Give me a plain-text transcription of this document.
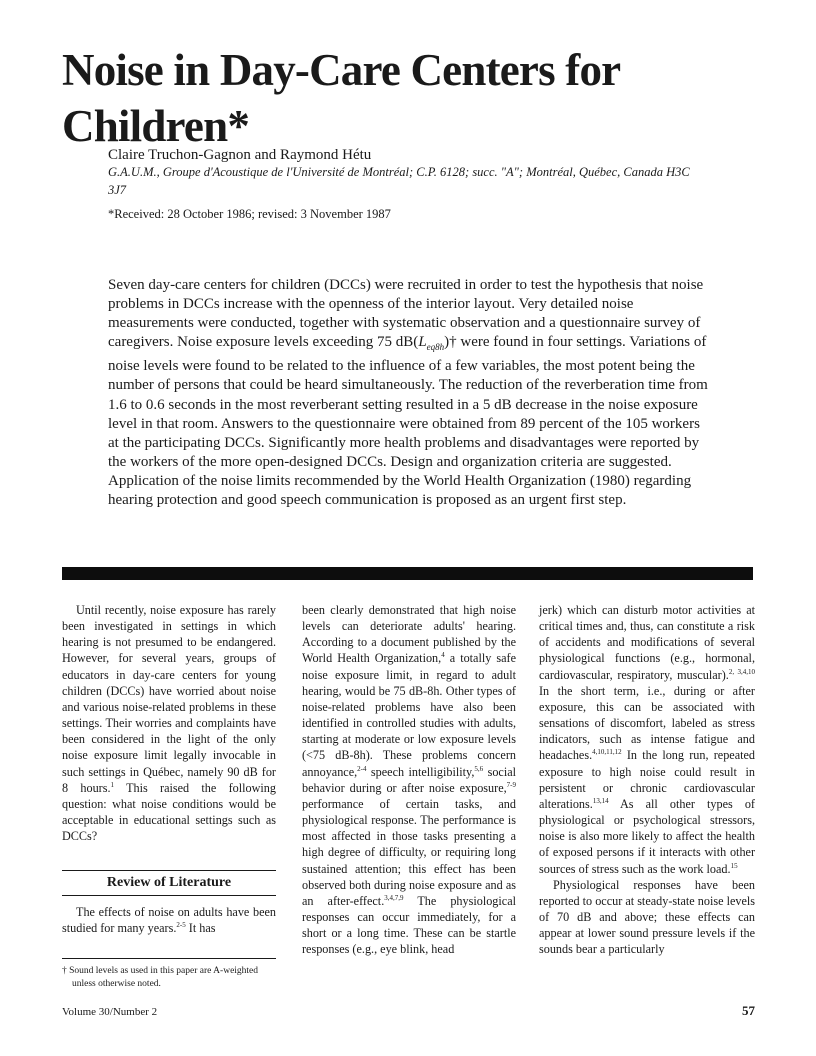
Noise in Day-Care Centers for Children*
Claire Truchon-Gagnon and Raymond Hétu
G.A.U.M., Groupe d'Acoustique de l'Université de Montréal; C.P. 6128; succ. "A"; Montréal, Québec, Canada H3C 3J7
*Received: 28 October 1986; revised: 3 November 1987

Seven day-care centers for children (DCCs) were recruited in order to test the hypothesis that noise problems in DCCs increase with the openness of the interior layout. Very detailed noise measurements were conducted, together with systematic observation and a questionnaire survey of caregivers. Noise exposure levels exceeding 75 $dB(L_{eq8h})\dagger$ were found in four settings. Variations of noise levels were found to be related to the influence of a few variables, the most potent being the number of persons that could be heard simultaneously. The reduction of the reverberation time from 1.6 to 0.6 seconds in the most reverberant setting resulted in a 5 dB decrease in the noise exposure level in that room. Answers to the questionnaire were obtained from 89 percent of the 105 workers at the participating DCCs. Significantly more health problems and disadvantages were reported by the workers of the more open-designed DCCs. Design and organization criteria are suggested. Application of the noise limits recommended by the World Health Organization (1980) regarding hearing protection and good speech communication is proposed as an urgent first step.

Until recently, noise exposure has rarely been investigated in settings in which hearing is not presumed to be endangered. However, for several years, groups of educators in day-care centers for young children (DCCs) have worried about noise and various noise-related problems in these settings. Their worries and complaints have been considered in the light of the only noise exposure limit legally invocable in such settings in Québec, namely 90 dB for 8 hours.$^1$ This raised the following question: what noise conditions would be acceptable in educational settings such as DCCs?

Review of Literature

The effects of noise on adults have been studied for many years.$^{2-5}$ It has

been clearly demonstrated that high noise levels can deteriorate adults' hearing. According to a document published by the World Health Organization,$^4$ a totally safe noise exposure limit, in regard to adult hearing, would be 75 dB-8h. Other types of noise-related problems have also been identified in controlled studies with adults, starting at moderate or low exposure levels (<75 dB-8h). These problems concern annoyance,$^{2-4}$ speech intelligibility,$^{5,6}$ social behavior during or after noise exposure,$^{7-9}$ performance of certain tasks, and physiological response. The performance is most affected in those tasks presenting a high degree of difficulty, or requiring long sustained attention; this effect has been observed both during noise exposure and as an after-effect.$^{3,4,7,9}$ The physiological responses can occur immediately, for a short or a long time. These can be startle responses (e.g., eye blink, head

jerk) which can disturb motor activities at critical times and, thus, can constitute a risk of accidents and modifications of several physiological functions (e.g., hormonal, cardiovascular, respiratory, muscular).$^{2, 3,4,10}$ In the short term, i.e., during or after exposure, this can be associated with sensations of discomfort, labeled as stress indicators, such as intense fatigue and headaches.$^{4,10,11,12}$ In the long run, repeated exposure to high noise could result in persistent or chronic cardiovascular alterations.$^{13,14}$ As all other types of physiological or psychological stressors, noise is also more likely to affect the health of exposed persons if it interacts with other sources of stress such as the work load.$^{15}$

Physiological responses have been reported to occur at steady-state noise levels of 70 dB and above; these effects can appear at lower sound pressure levels if the sounds bear a particularly

† Sound levels as used in this paper are A-weighted unless otherwise noted.
Volume 30/Number 2	57
